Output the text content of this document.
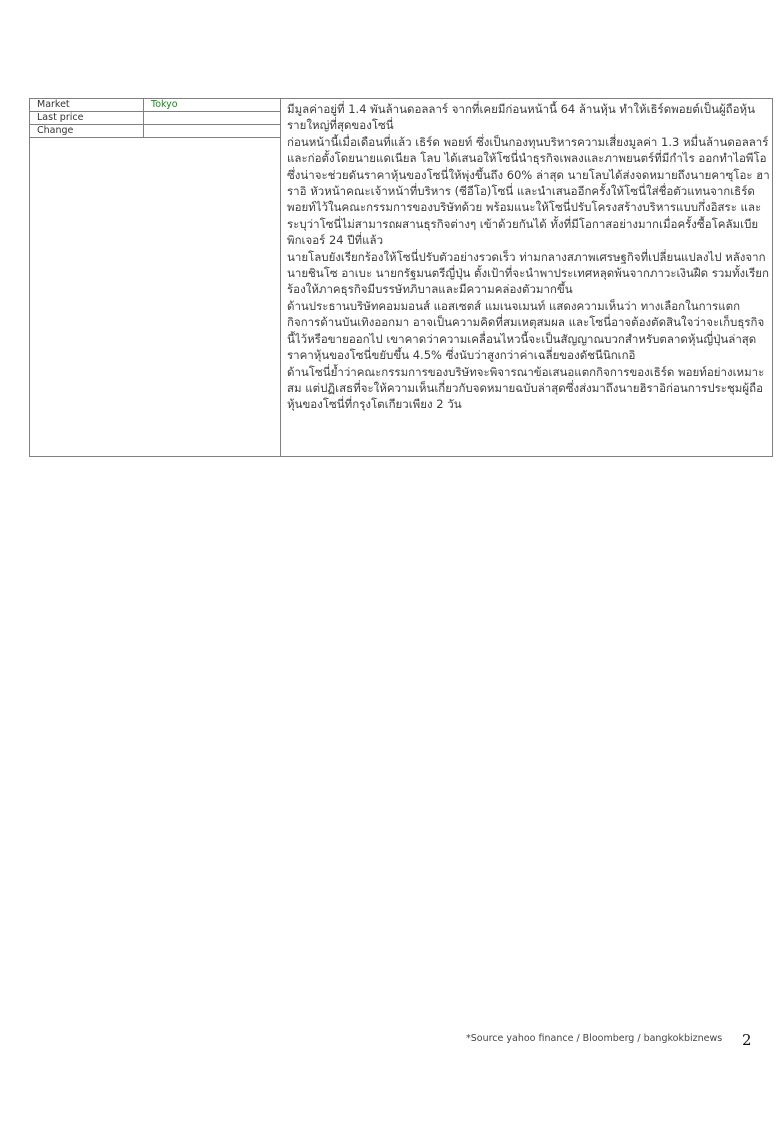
Market	Tokyo
Last price
Change

มีมูลค่าอยู่ที่ 1.4 พันล้านดอลลาร์ จากที่เคยมีก่อนหน้านี้ 64 ล้านหุ้น ทำให้เธิร์ดพอยต์เป็นผู้ถือหุ้นรายใหญ่ที่สุดของโซนี่

ก่อนหน้านี้เมื่อเดือนที่แล้ว เธิร์ด พอยท์ ซึ่งเป็นกองทุนบริหารความเสี่ยงมูลค่า 1.3 หมื่นล้านดอลลาร์และก่อตั้งโดยนายแดเนียล โลบ ได้เสนอให้โซนี่นำธุรกิจเพลงและภาพยนตร์ที่มีกำไร ออกทำไอพีโอ ซึ่งน่าจะช่วยดันราคาหุ้นของโซนี่ให้พุ่งขึ้นถึง 60% ล่าสุด นายโลบได้ส่งจดหมายถึงนายคาซุโอะ ฮาราอิ หัวหน้าคณะเจ้าหน้าที่บริหาร (ซีอีโอ)โซนี่ และนำเสนออีกครั้งให้โซนี่ใส่ชื่อตัวแทนจากเธิร์ด พอยท์ไว้ในคณะกรรมการของบริษัทด้วย พร้อมแนะให้โซนี่ปรับโครงสร้างบริหารแบบกึ่งอิสระ และระบุว่าโซนี่ไม่สามารถผสานธุรกิจต่างๆ เข้าด้วยกันได้ ทั้งที่มีโอกาสอย่างมากเมื่อครั้งซื้อโคลัมเบียพิกเจอร์ 24 ปีที่แล้ว

นายโลบยังเรียกร้องให้โซนี่ปรับตัวอย่างรวดเร็ว ท่ามกลางสภาพเศรษฐกิจที่เปลี่ยนแปลงไป หลังจากนายชินโซ อาเบะ นายกรัฐมนตรีญี่ปุ่น ตั้งเป้าที่จะนำพาประเทศหลุดพ้นจากภาวะเงินฝืด รวมทั้งเรียกร้องให้ภาคธุรกิจมีบรรษัทภิบาลและมีความคล่องตัวมากขึ้น

ด้านประธานบริษัทคอมมอนส์ แอสเซตส์ แมเนจเมนท์ แสดงความเห็นว่า ทางเลือกในการแตกกิจการด้านบันเทิงออกมา อาจเป็นความคิดที่สมเหตุสมผล และโซนี่อาจต้องตัดสินใจว่าจะเก็บธุรกิจนี้ไว้หรือขายออกไป เขาคาดว่าความเคลื่อนไหวนี้จะเป็นสัญญาณบวกสำหรับตลาดหุ้นญี่ปุ่นล่าสุดราคาหุ้นของโซนี่ขยับขึ้น 4.5% ซึ่งนับว่าสูงกว่าค่าเฉลี่ยของดัชนีนิกเกอิ

ด้านโซนี่ย้ำว่าคณะกรรมการของบริษัทจะพิจารณาข้อเสนอแตกกิจการของเธิร์ด พอยท์อย่างเหมาะสม แต่ปฏิเสธที่จะให้ความเห็นเกี่ยวกับจดหมายฉบับล่าสุดซึ่งส่งมาถึงนายฮิราอิก่อนการประชุมผู้ถือหุ้นของโซนี่ที่กรุงโตเกียวเพียง 2 วัน

*Source yahoo finance / Bloomberg / bangkokbiznews 2
